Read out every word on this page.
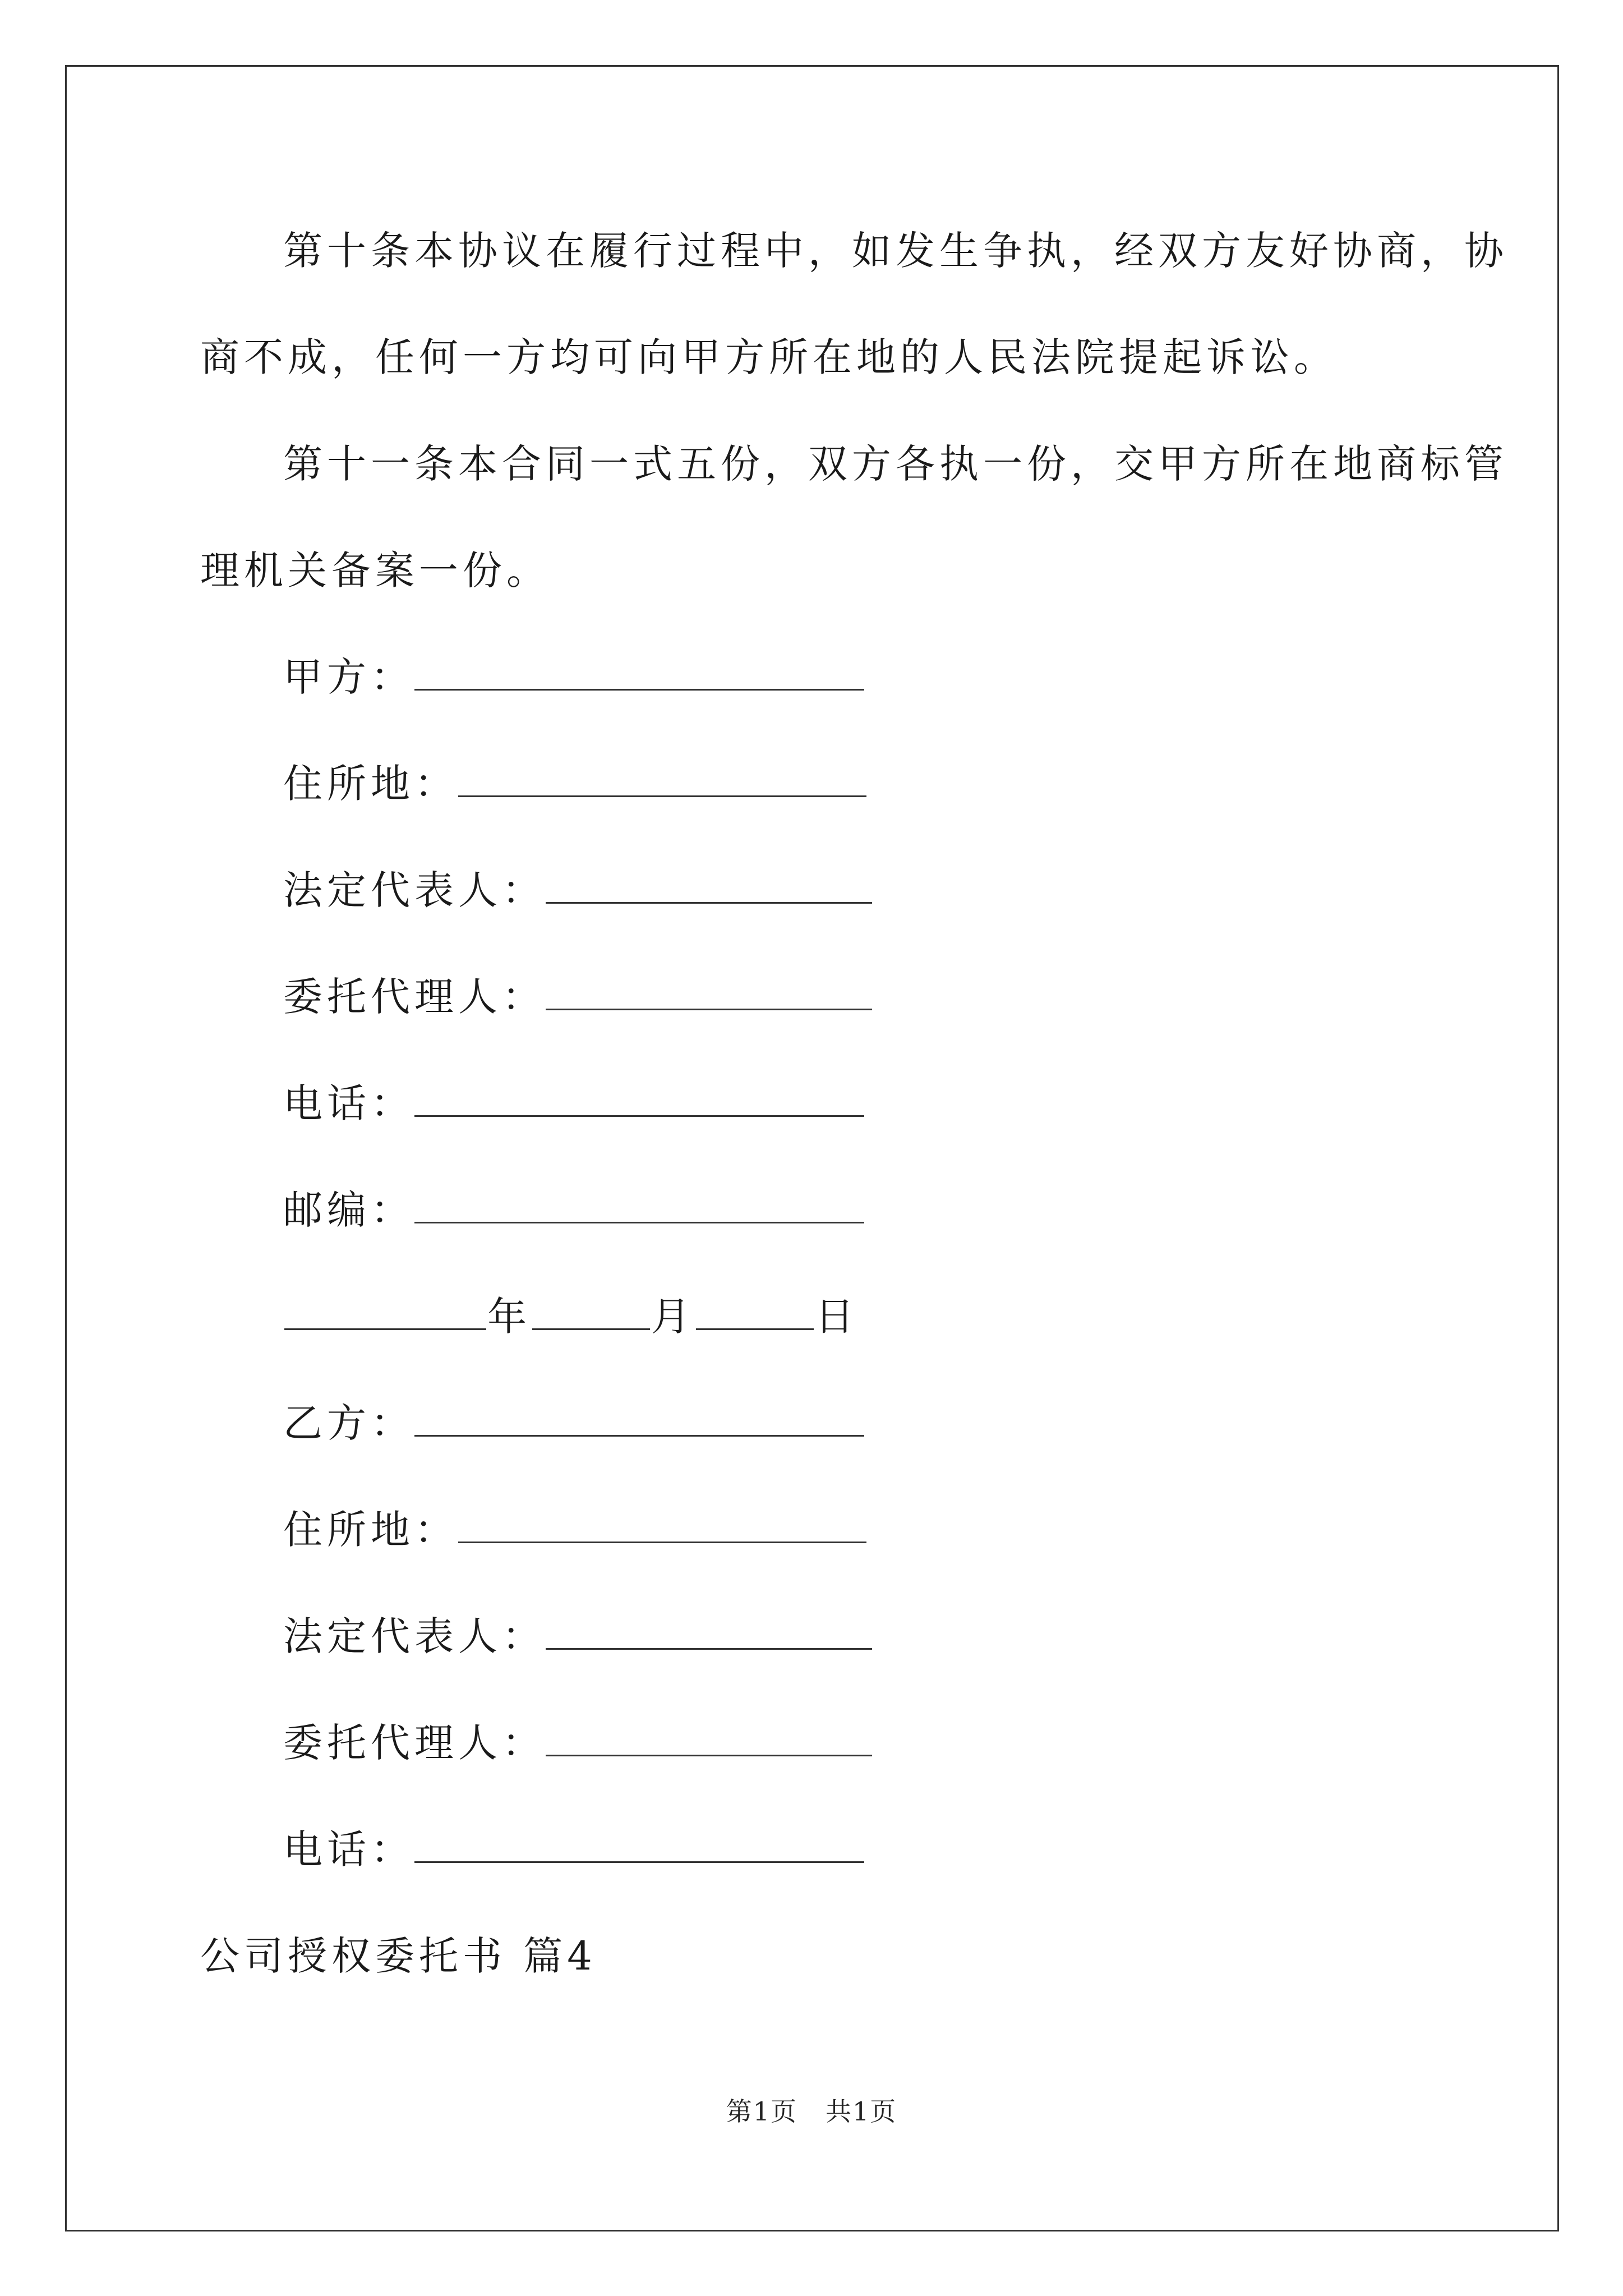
第十条本协议在履行过程中，如发生争执，经双方友好协商，协
商不成，任何一方均可向甲方所在地的人民法院提起诉讼。
第十一条本合同一式五份，双方各执一份，交甲方所在地商标管
理机关备案一份。
甲方：
住所地：
法定代表人：
委托代理人：
电话：
邮编：
年	月	日
乙方：
住所地：
法定代表人：
委托代理人：
电话：
公司授权委托书 篇4
第1页 共1页
